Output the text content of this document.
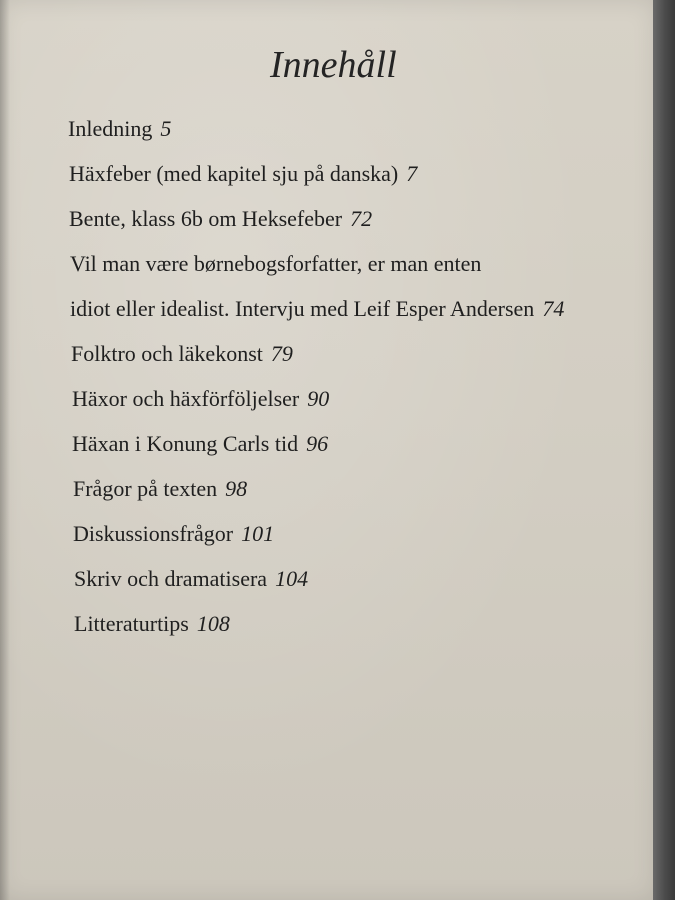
Innehåll
Inledning 5
Häxfeber (med kapitel sju på danska) 7
Bente, klass 6b om Heksefeber 72
Vil man være børnebogsforfatter, er man enten
idiot eller idealist. Intervju med Leif Esper Andersen 74
Folktro och läkekonst 79
Häxor och häxförföljelser 90
Häxan i Konung Carls tid 96
Frågor på texten 98
Diskussionsfrågor 101
Skriv och dramatisera 104
Litteraturtips 108
